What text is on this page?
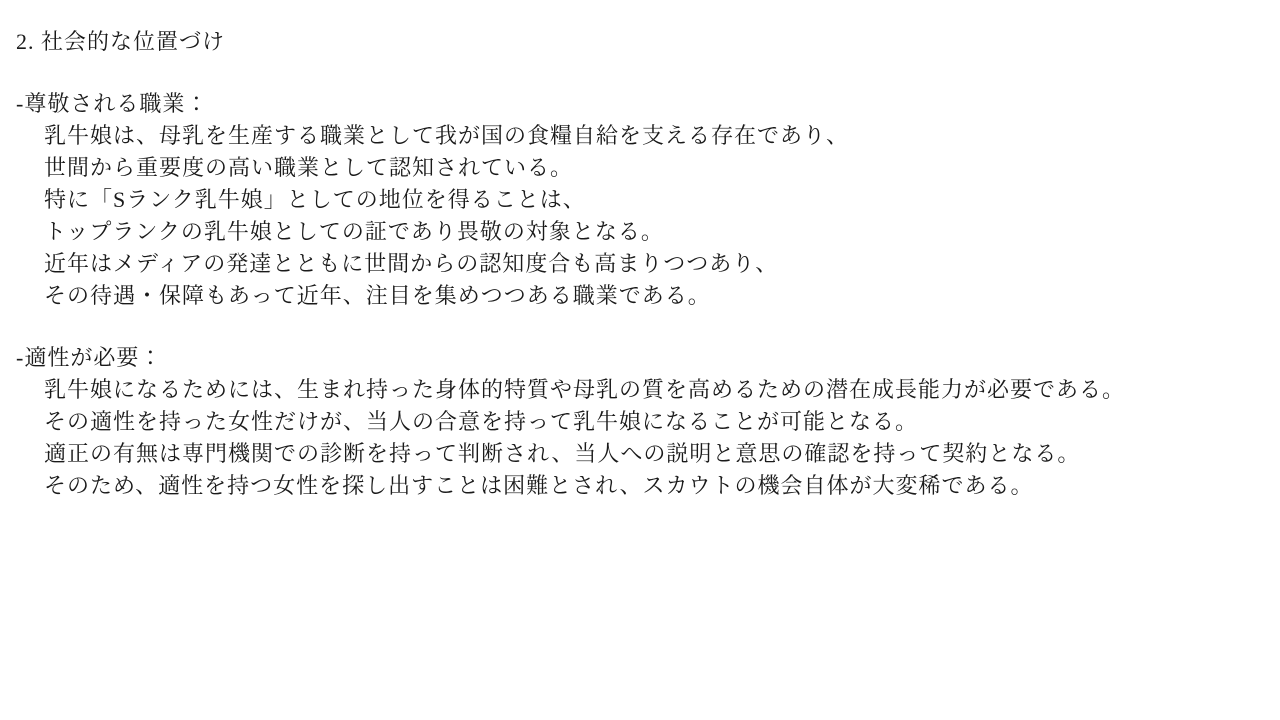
2. 社会的な位置づけ
-尊敬される職業：
乳牛娘は、母乳を生産する職業として我が国の食糧自給を支える存在であり、
世間から重要度の高い職業として認知されている。
特に「Sランク乳牛娘」としての地位を得ることは、
トップランクの乳牛娘としての証であり畏敬の対象となる。
近年はメディアの発達とともに世間からの認知度合も高まりつつあり、
その待遇・保障もあって近年、注目を集めつつある職業である。
-適性が必要：
乳牛娘になるためには、生まれ持った身体的特質や母乳の質を高めるための潜在成長能力が必要である。
その適性を持った女性だけが、当人の合意を持って乳牛娘になることが可能となる。
適正の有無は専門機関での診断を持って判断され、当人への説明と意思の確認を持って契約となる。
そのため、適性を持つ女性を探し出すことは困難とされ、スカウトの機会自体が大変稀である。
